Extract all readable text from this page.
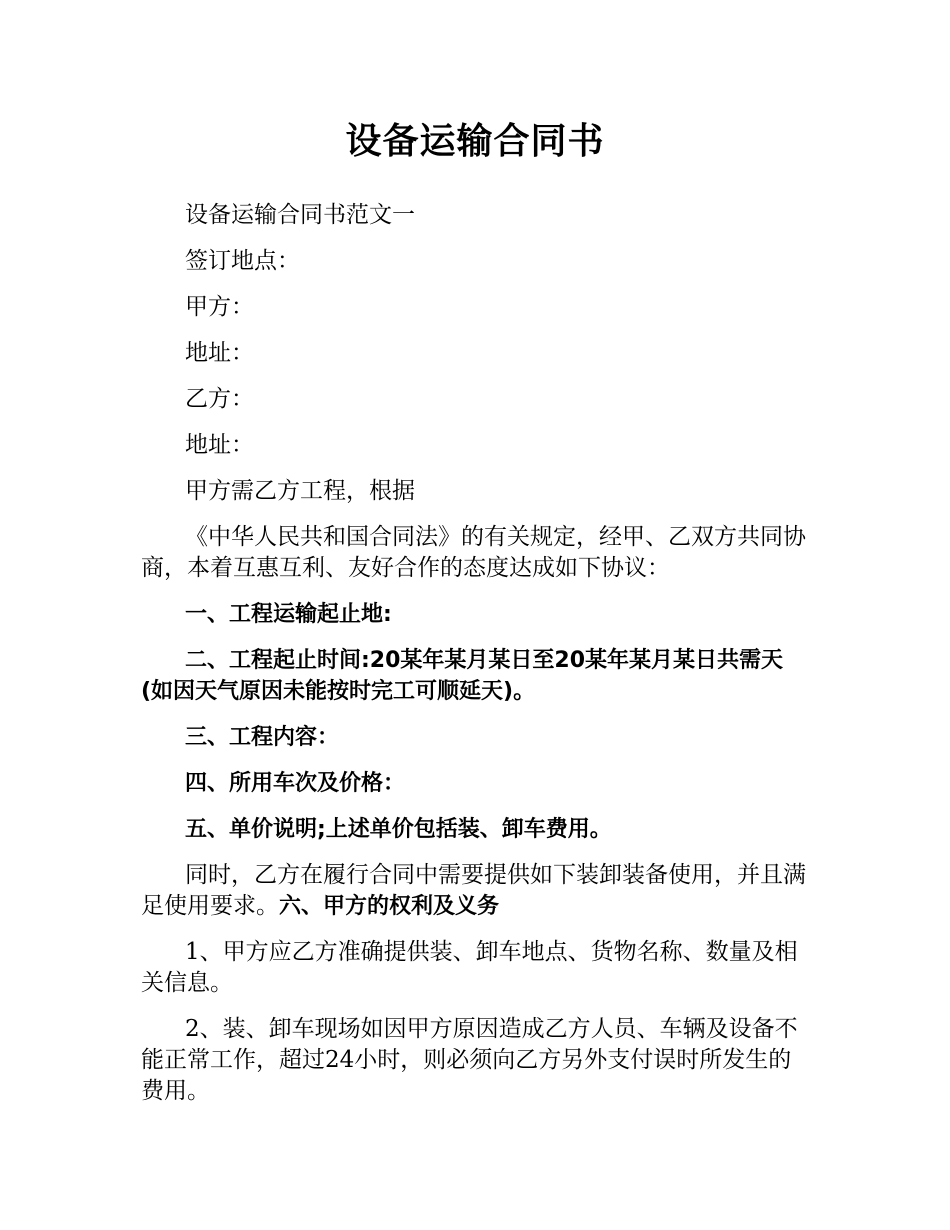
设备运输合同书

设备运输合同书范文一

签订地点：

甲方：

地址：

乙方：

地址：

甲方需乙方工程，根据

《中华人民共和国合同法》的有关规定，经甲、乙双方共同协商，本着互惠互利、友好合作的态度达成如下协议：

一、工程运输起止地:

二、工程起止时间:20某年某月某日至20某年某月某日共需天(如因天气原因未能按时完工可顺延天)。

三、工程内容：

四、所用车次及价格：

五、单价说明;上述单价包括装、卸车费用。

同时，乙方在履行合同中需要提供如下装卸装备使用，并且满足使用要求。六、甲方的权利及义务

1、甲方应乙方准确提供装、卸车地点、货物名称、数量及相关信息。

2、装、卸车现场如因甲方原因造成乙方人员、车辆及设备不能正常工作，超过24小时，则必须向乙方另外支付误时所发生的费用。
